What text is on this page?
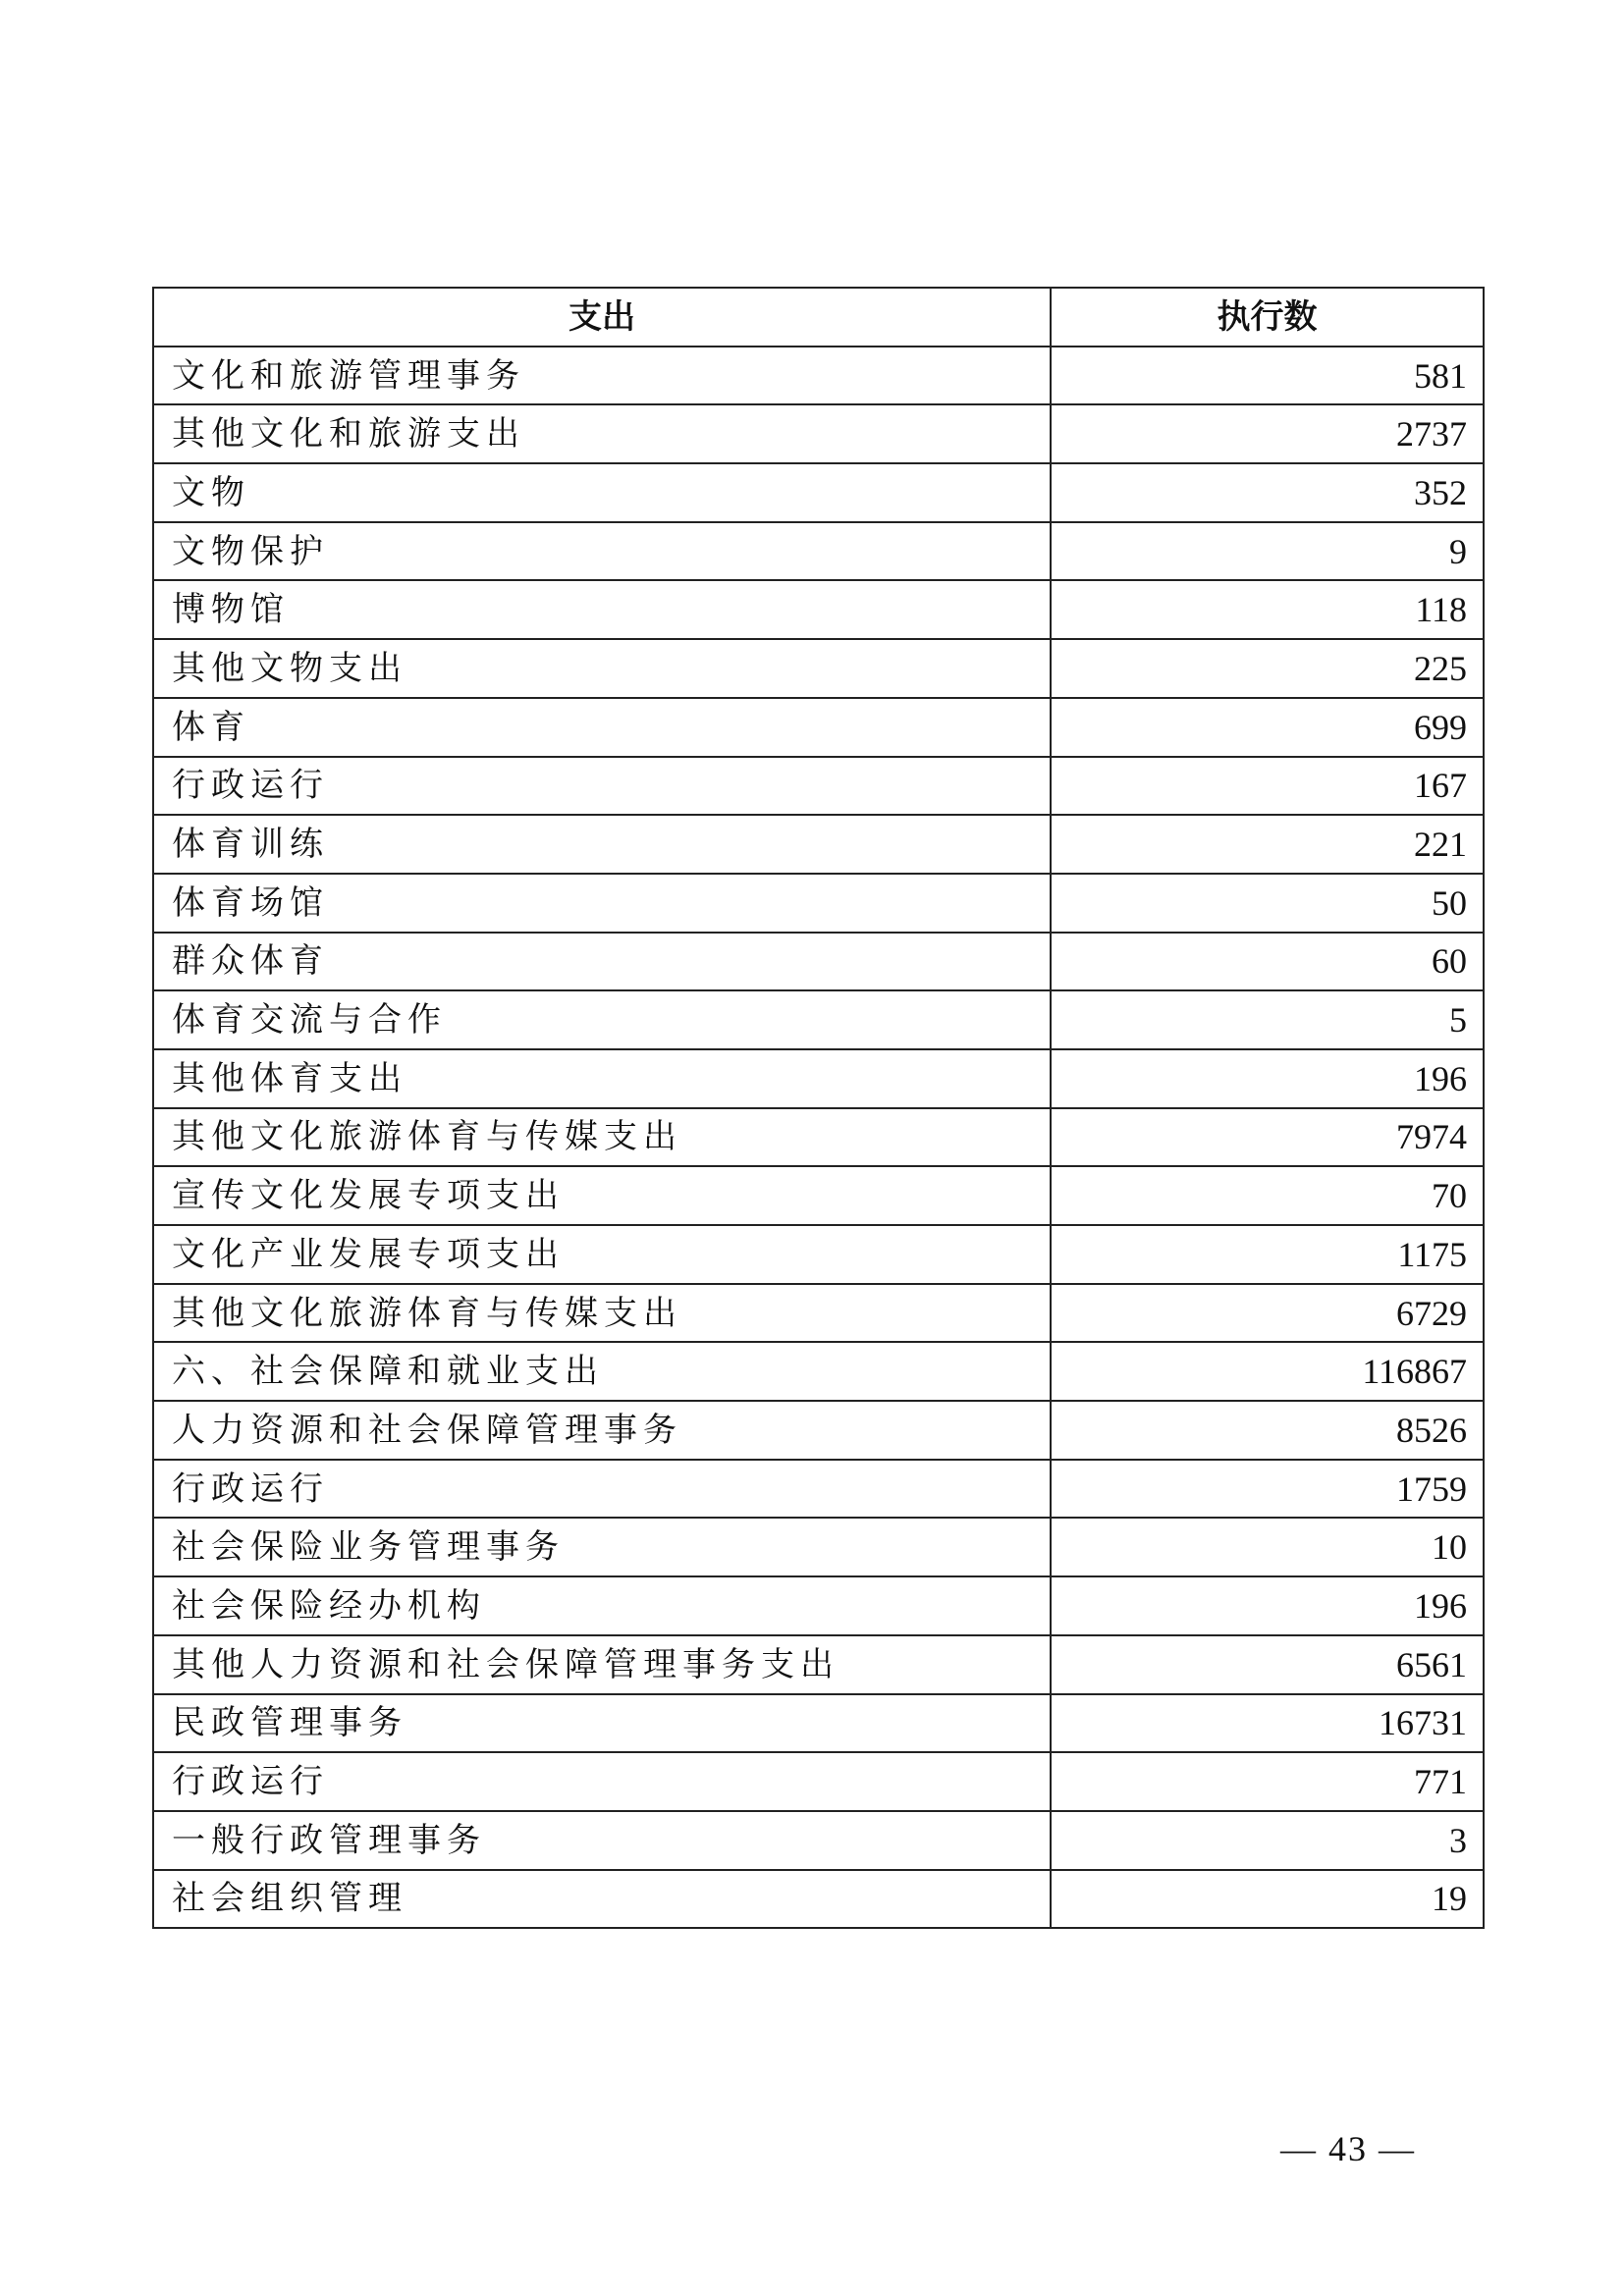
支出	执行数
文化和旅游管理事务	581
其他文化和旅游支出	2737
文物	352
文物保护	9
博物馆	118
其他文物支出	225
体育	699
行政运行	167
体育训练	221
体育场馆	50
群众体育	60
体育交流与合作	5
其他体育支出	196
其他文化旅游体育与传媒支出	7974
宣传文化发展专项支出	70
文化产业发展专项支出	1175
其他文化旅游体育与传媒支出	6729
六、社会保障和就业支出	116867
人力资源和社会保障管理事务	8526
行政运行	1759
社会保险业务管理事务	10
社会保险经办机构	196
其他人力资源和社会保障管理事务支出	6561
民政管理事务	16731
行政运行	771
一般行政管理事务	3
社会组织管理	19
— 43 —
